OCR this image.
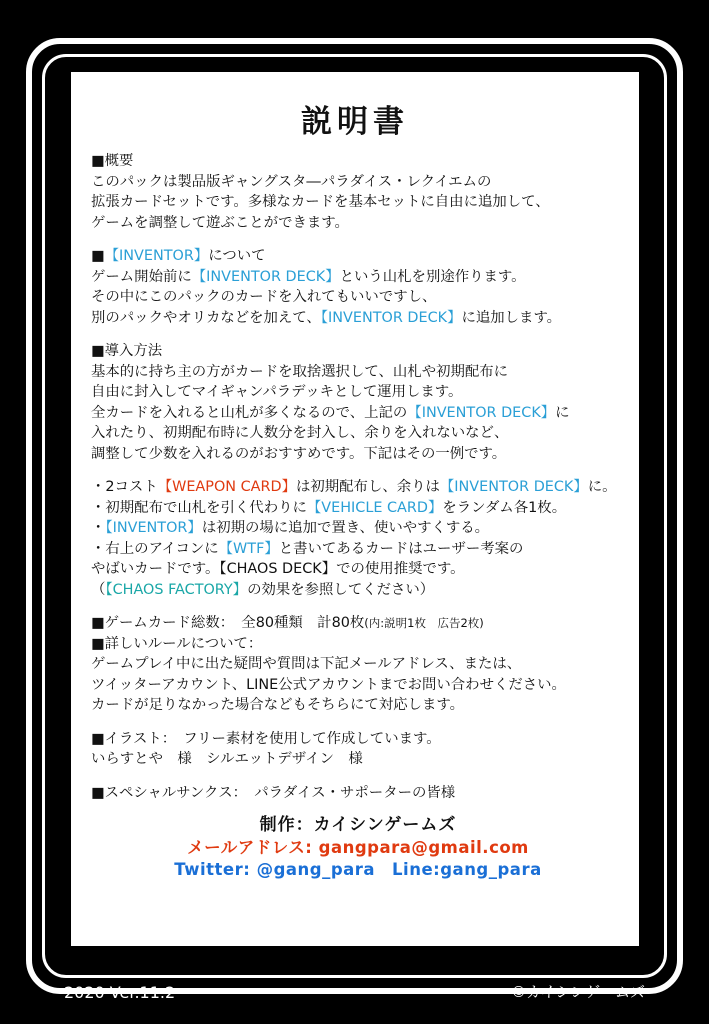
説明書
■概要
このパックは製品版ギャングスタ―パラダイス・レクイエムの
拡張カードセットです。多様なカードを基本セットに自由に追加して、
ゲームを調整して遊ぶことができます。
■【INVENTOR】について
ゲーム開始前に【INVENTOR DECK】という山札を別途作ります。
その中にこのパックのカードを入れてもいいですし、
別のパックやオリカなどを加えて、【INVENTOR DECK】に追加します。
■導入方法
基本的に持ち主の方がカードを取捨選択して、山札や初期配布に
自由に封入してマイギャンパラデッキとして運用します。
全カードを入れると山札が多くなるので、上記の【INVENTOR DECK】に
入れたり、初期配布時に人数分を封入し、余りを入れないなど、
調整して少数を入れるのがおすすめです。下記はその一例です。
・2コスト【WEAPON CARD】は初期配布し、余りは【INVENTOR DECK】に。
・初期配布で山札を引く代わりに【VEHICLE CARD】をランダム各1枚。
・【INVENTOR】は初期の場に追加で置き、使いやすくする。
・右上のアイコンに【WTF】と書いてあるカードはユーザー考案の
やばいカードです。【CHAOS DECK】での使用推奨です。
（【CHAOS FACTORY】の効果を参照してください）
■ゲームカード総数：　全80種類　計80枚(内:説明1枚　広告2枚)
■詳しいルールについて：
ゲームプレイ中に出た疑問や質問は下記メールアドレス、または、
ツイッターアカウント、LINE公式アカウントまでお問い合わせください。
カードが足りなかった場合などもそちらにて対応します。
■イラスト：　フリー素材を使用して作成しています。
いらすとや　様　シルエットデザイン　様
■スペシャルサンクス：　パラダイス・サポーターの皆様
制作：カイシンゲームズ
メールアドレス: gangpara@gmail.com
Twitter: @gang_para　Line:gang_para
2020 Ver.11.2	©カイシンゲームズ
